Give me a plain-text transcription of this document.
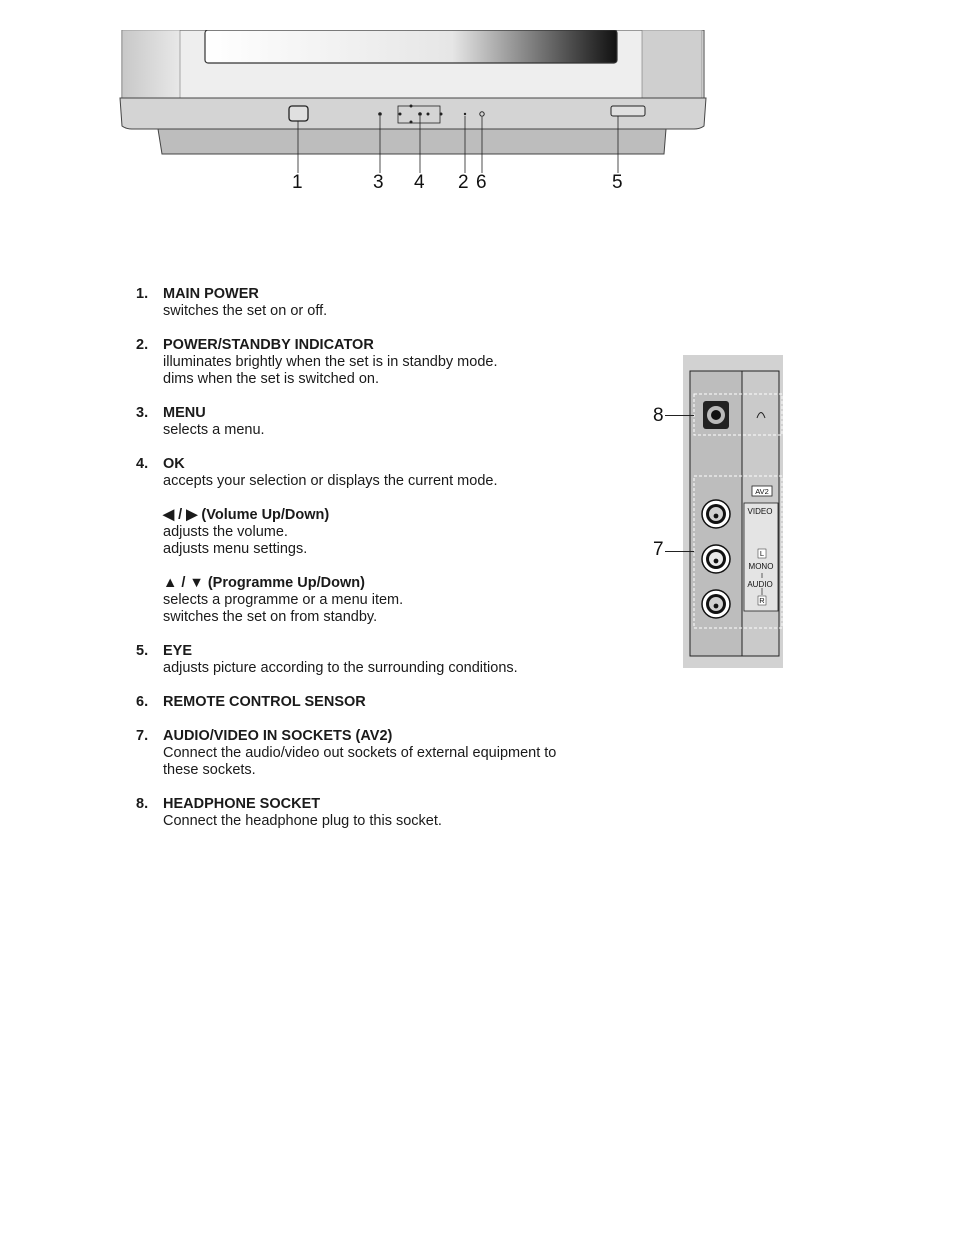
1	3 4 2 6	5
1. MAIN POWER
switches the set on or off.
2. POWER/STANDBY INDICATOR
illuminates brightly when the set is in standby mode.
dims when the set is switched on.
3. MENU
selects a menu.
4. OK
accepts your selection or displays the current mode.
◀ / ▶ (Volume Up/Down)
adjusts the volume.
adjusts menu settings.
▲ / ▼ (Programme Up/Down)
selects a programme or a menu item.
switches the set on from standby.
5. EYE
adjusts picture according to the surrounding conditions.
6. REMOTE CONTROL SENSOR
7. AUDIO/VIDEO IN SOCKETS (AV2)
Connect the audio/video out sockets of external equipment to
these sockets.
8. HEADPHONE SOCKET
Connect the headphone plug to this socket.
AV2
VIDEO
L
MONO
AUDIO
R
8
7
